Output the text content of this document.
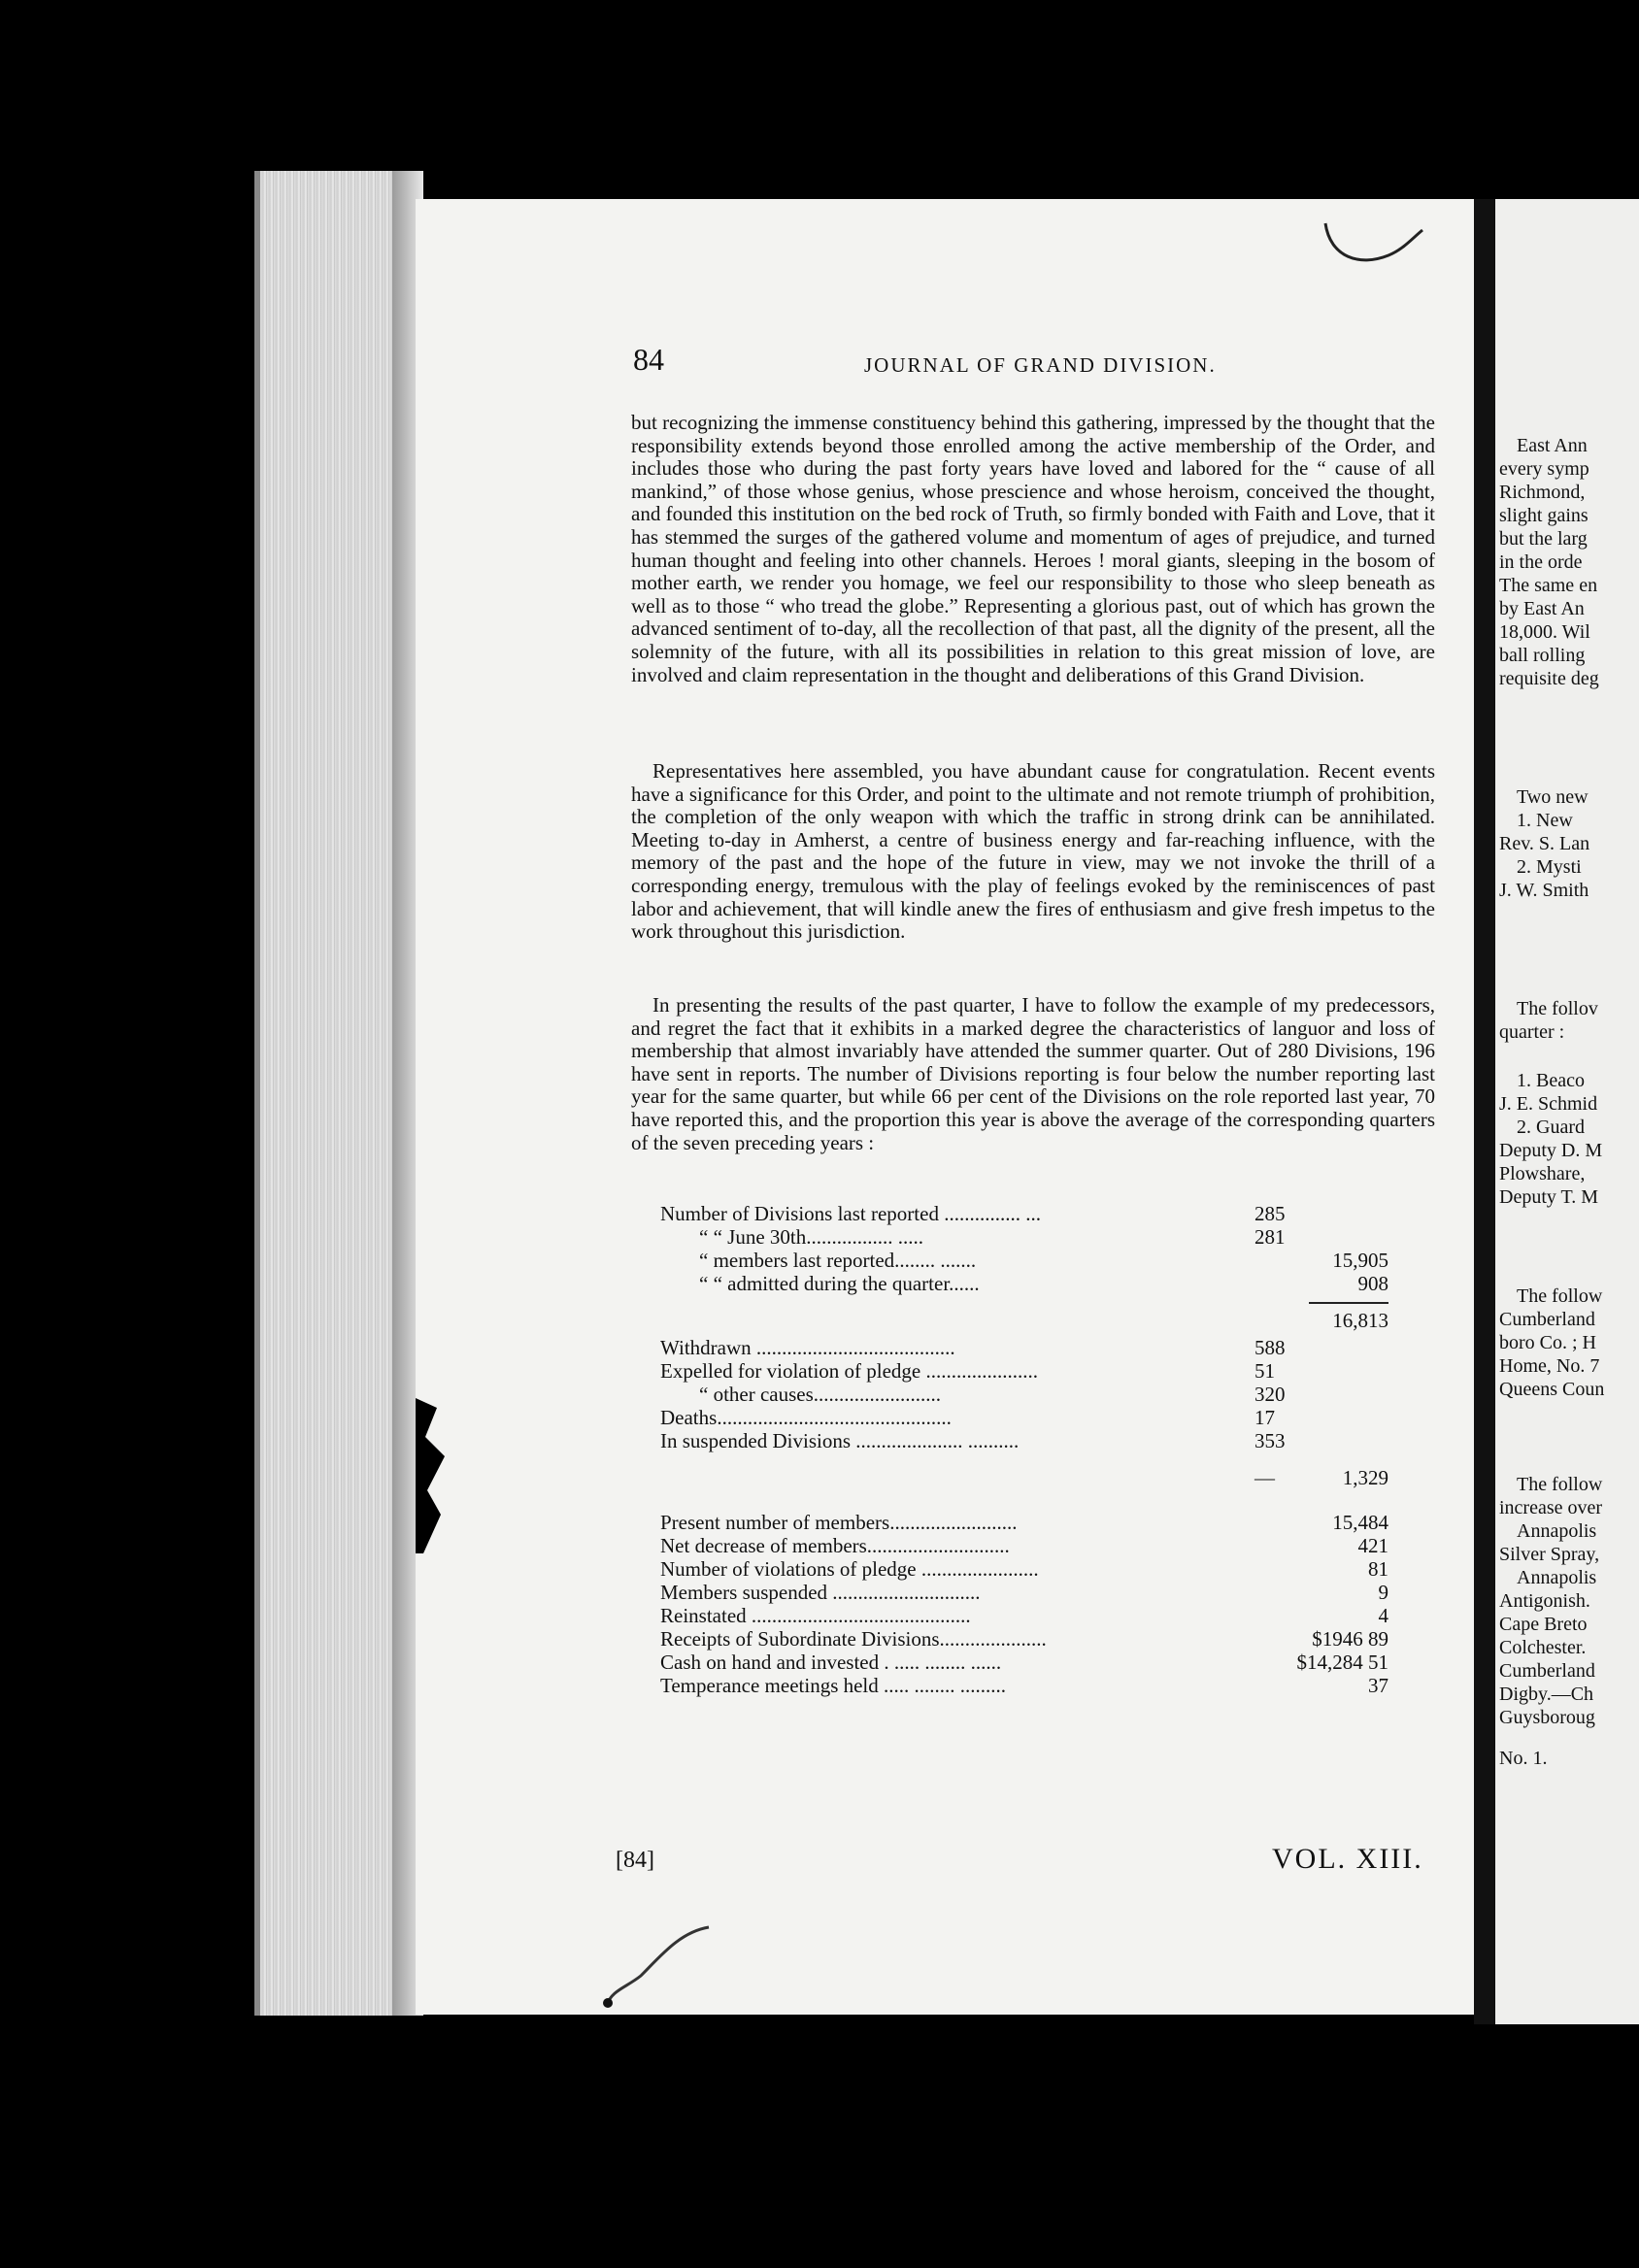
East Ann
every symp
Richmond,
slight gains
but the larg
in the orde
The same en
by East An
18,000. Wil
ball rolling
requisite deg
Two new
1. New
Rev. S. Lan
2. Mysti
J. W. Smith
The follov
quarter :
1. Beaco
J. E. Schmid
2. Guard
Deputy D. M
Plowshare,
Deputy T. M
The follow
Cumberland
boro Co. ; H
Home, No. 7
Queens Coun
The follow
increase over
Annapolis
Silver Spray,
Annapolis
Antigonish.
Cape Breto
Colchester.
Cumberland
Digby.—Ch
Guysboroug
No. 1.
84	JOURNAL OF GRAND DIVISION.

but recognizing the immense constituency behind this gathering, impressed by the thought that the responsibility extends beyond those enrolled among the active membership of the Order, and includes those who during the past forty years have loved and labored for the “ cause of all mankind,” of those whose genius, whose prescience and whose heroism, conceived the thought, and founded this institution on the bed rock of Truth, so firmly bonded with Faith and Love, that it has stemmed the surges of the gathered volume and momentum of ages of prejudice, and turned human thought and feeling into other channels. Heroes ! moral giants, sleeping in the bosom of mother earth, we render you homage, we feel our responsibility to those who sleep beneath as well as to those “ who tread the globe.” Representing a glorious past, out of which has grown the advanced sentiment of to-day, all the recollection of that past, all the dignity of the present, all the solemnity of the future, with all its possibilities in relation to this great mission of love, are involved and claim representation in the thought and deliberations of this Grand Division.

Representatives here assembled, you have abundant cause for congratulation. Recent events have a significance for this Order, and point to the ultimate and not remote triumph of prohibition, the completion of the only weapon with which the traffic in strong drink can be annihilated. Meeting to-day in Amherst, a centre of business energy and far-reaching influence, with the memory of the past and the hope of the future in view, may we not invoke the thrill of a corresponding energy, tremulous with the play of feelings evoked by the reminiscences of past labor and achievement, that will kindle anew the fires of enthusiasm and give fresh impetus to the work throughout this jurisdiction.

In presenting the results of the past quarter, I have to follow the example of my predecessors, and regret the fact that it exhibits in a marked degree the characteristics of languor and loss of membership that almost invariably have attended the summer quarter. Out of 280 Divisions, 196 have sent in reports. The number of Divisions reporting is four below the number reporting last year for the same quarter, but while 66 per cent of the Divisions on the role reported last year, 70 have reported this, and the proportion this year is above the average of the corresponding quarters of the seven preceding years :

Number of Divisions last reported ............... ...	285
“ “ June 30th................. .....	281
“ members last reported........ .......	15,905
“ “ admitted during the quarter......	908
16,813
Withdrawn .......................................	588
Expelled for violation of pledge ......................	51
“ other causes.........................	320
Deaths..............................................	17
In suspended Divisions ..................... ..........	353
—	1,329
Present number of members.........................	15,484
Net decrease of members............................	421
Number of violations of pledge .......................	81
Members suspended .............................	9
Reinstated ...........................................	4
Receipts of Subordinate Divisions.....................	$1946 89
Cash on hand and invested . ..... ........ ......	$14,284 51
Temperance meetings held ..... ........ .........	37
[84]	VOL. XIII.
